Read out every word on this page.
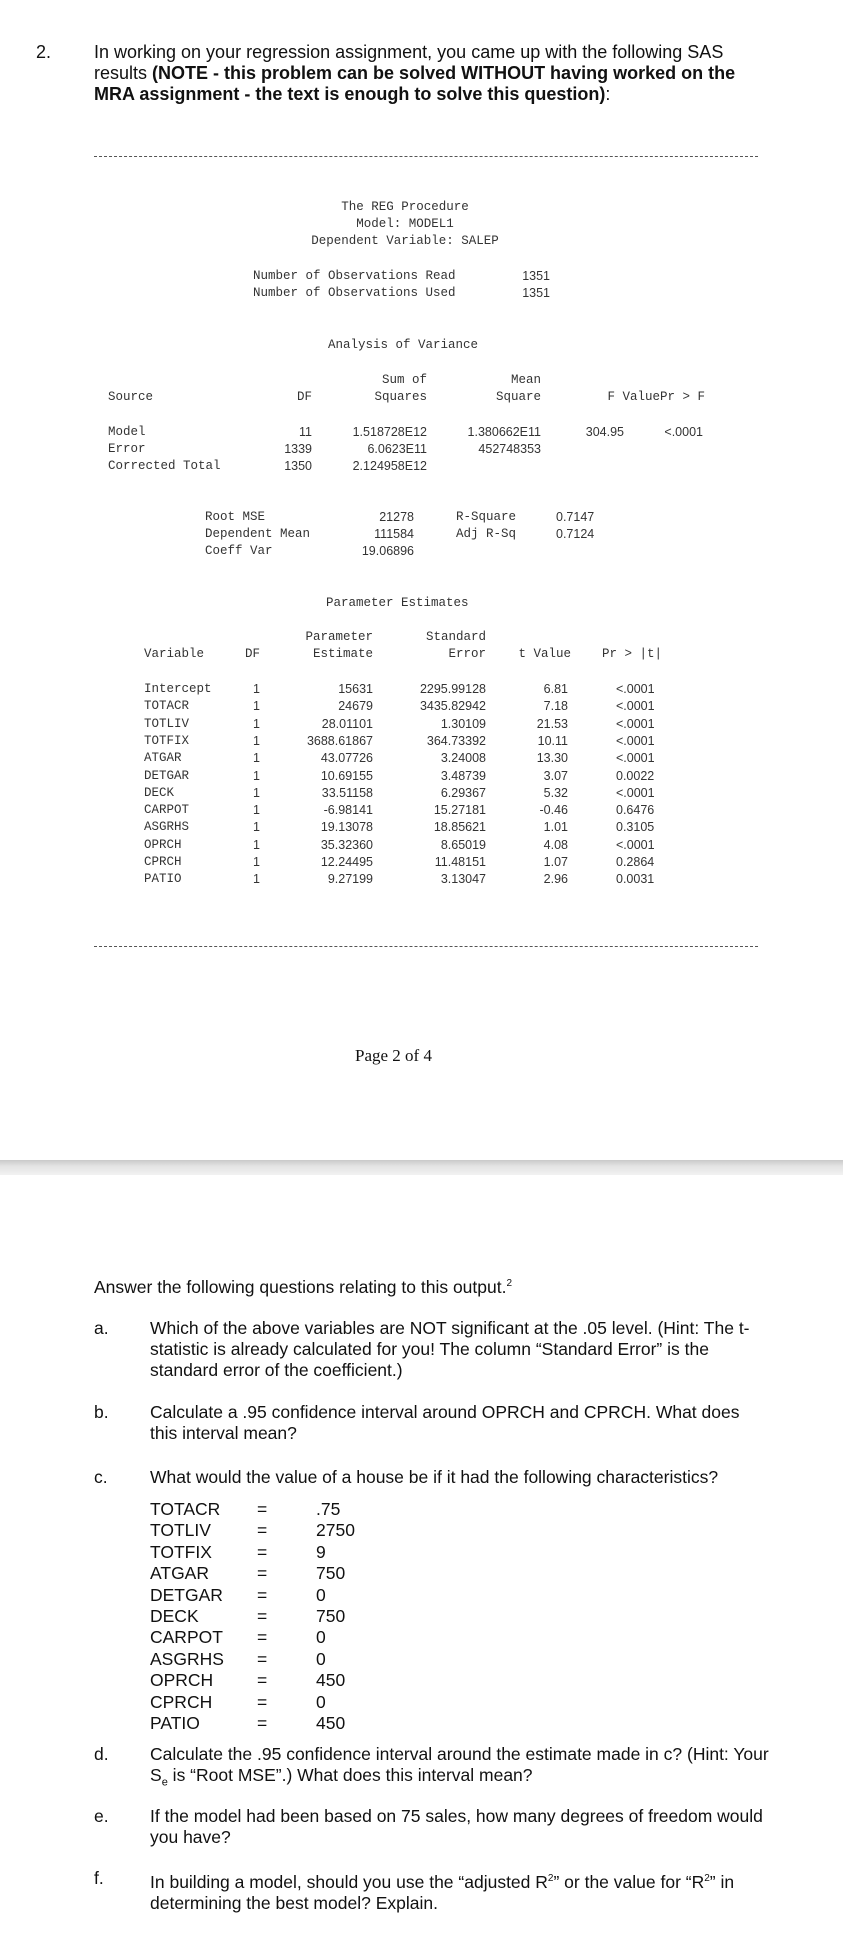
2. In working on your regression assignment, you came up with the following SAS results (NOTE - this problem can be solved WITHOUT having worked on the MRA assignment - the text is enough to solve this question):
The REG Procedure
Model: MODEL1
Dependent Variable: SALEP
Number of Observations Read	1351
Number of Observations Used	1351
Analysis of Variance
Sum of	Mean
Source	DF	Squares	Square	F Value Pr > F
Model	11	1.518728E12	1.380662E11	304.95	<.0001
Error	1339	6.0623E11	452748353
Corrected Total	1350	2.124958E12
Root MSE	21278	R-Square	0.7147
Dependent Mean	111584	Adj R-Sq	0.7124
Coeff Var	19.06896
Parameter Estimates
Parameter	Standard
Variable	DF	Estimate	Error	t Value	Pr > |t|
Intercept	1	15631	2295.99128	6.81	<.0001
TOTACR	1	24679	3435.82942	7.18	<.0001
TOTLIV	1	28.01101	1.30109	21.53	<.0001
TOTFIX	1	3688.61867	364.73392	10.11	<.0001
ATGAR	1	43.07726	3.24008	13.30	<.0001
DETGAR	1	10.69155	3.48739	3.07	0.0022
DECK	1	33.51158	6.29367	5.32	<.0001
CARPOT	1	-6.98141	15.27181	-0.46	0.6476
ASGRHS	1	19.13078	18.85621	1.01	0.3105
OPRCH	1	35.32360	8.65019	4.08	<.0001
CPRCH	1	12.24495	11.48151	1.07	0.2864
PATIO	1	9.27199	3.13047	2.96	0.0031
Page 2 of 4
Answer the following questions relating to this output.$^2$
a. Which of the above variables are NOT significant at the .05 level. (Hint: The t-statistic is already calculated for you! The column “Standard Error” is the standard error of the coefficient.)
b. Calculate a .95 confidence interval around OPRCH and CPRCH. What does this interval mean?
c. What would the value of a house be if it had the following characteristics?
TOTACR =	.75
TOTLIV	=	2750
TOTFIX	=	9
ATGAR	=	750
DETGAR =	0
DECK	=	750
CARPOT =	0
ASGRHS =	0
OPRCH	=	450
CPRCH	=	0
PATIO	=	450
d. Calculate the .95 confidence interval around the estimate made in c? (Hint: Your $S_e$ is “Root MSE”.) What does this interval mean?
e. If the model had been based on 75 sales, how many degrees of freedom would you have?
f.	In building a model, should you use the “adjusted $R^2$” or the value for “$R^2$” in determining the best model? Explain.
